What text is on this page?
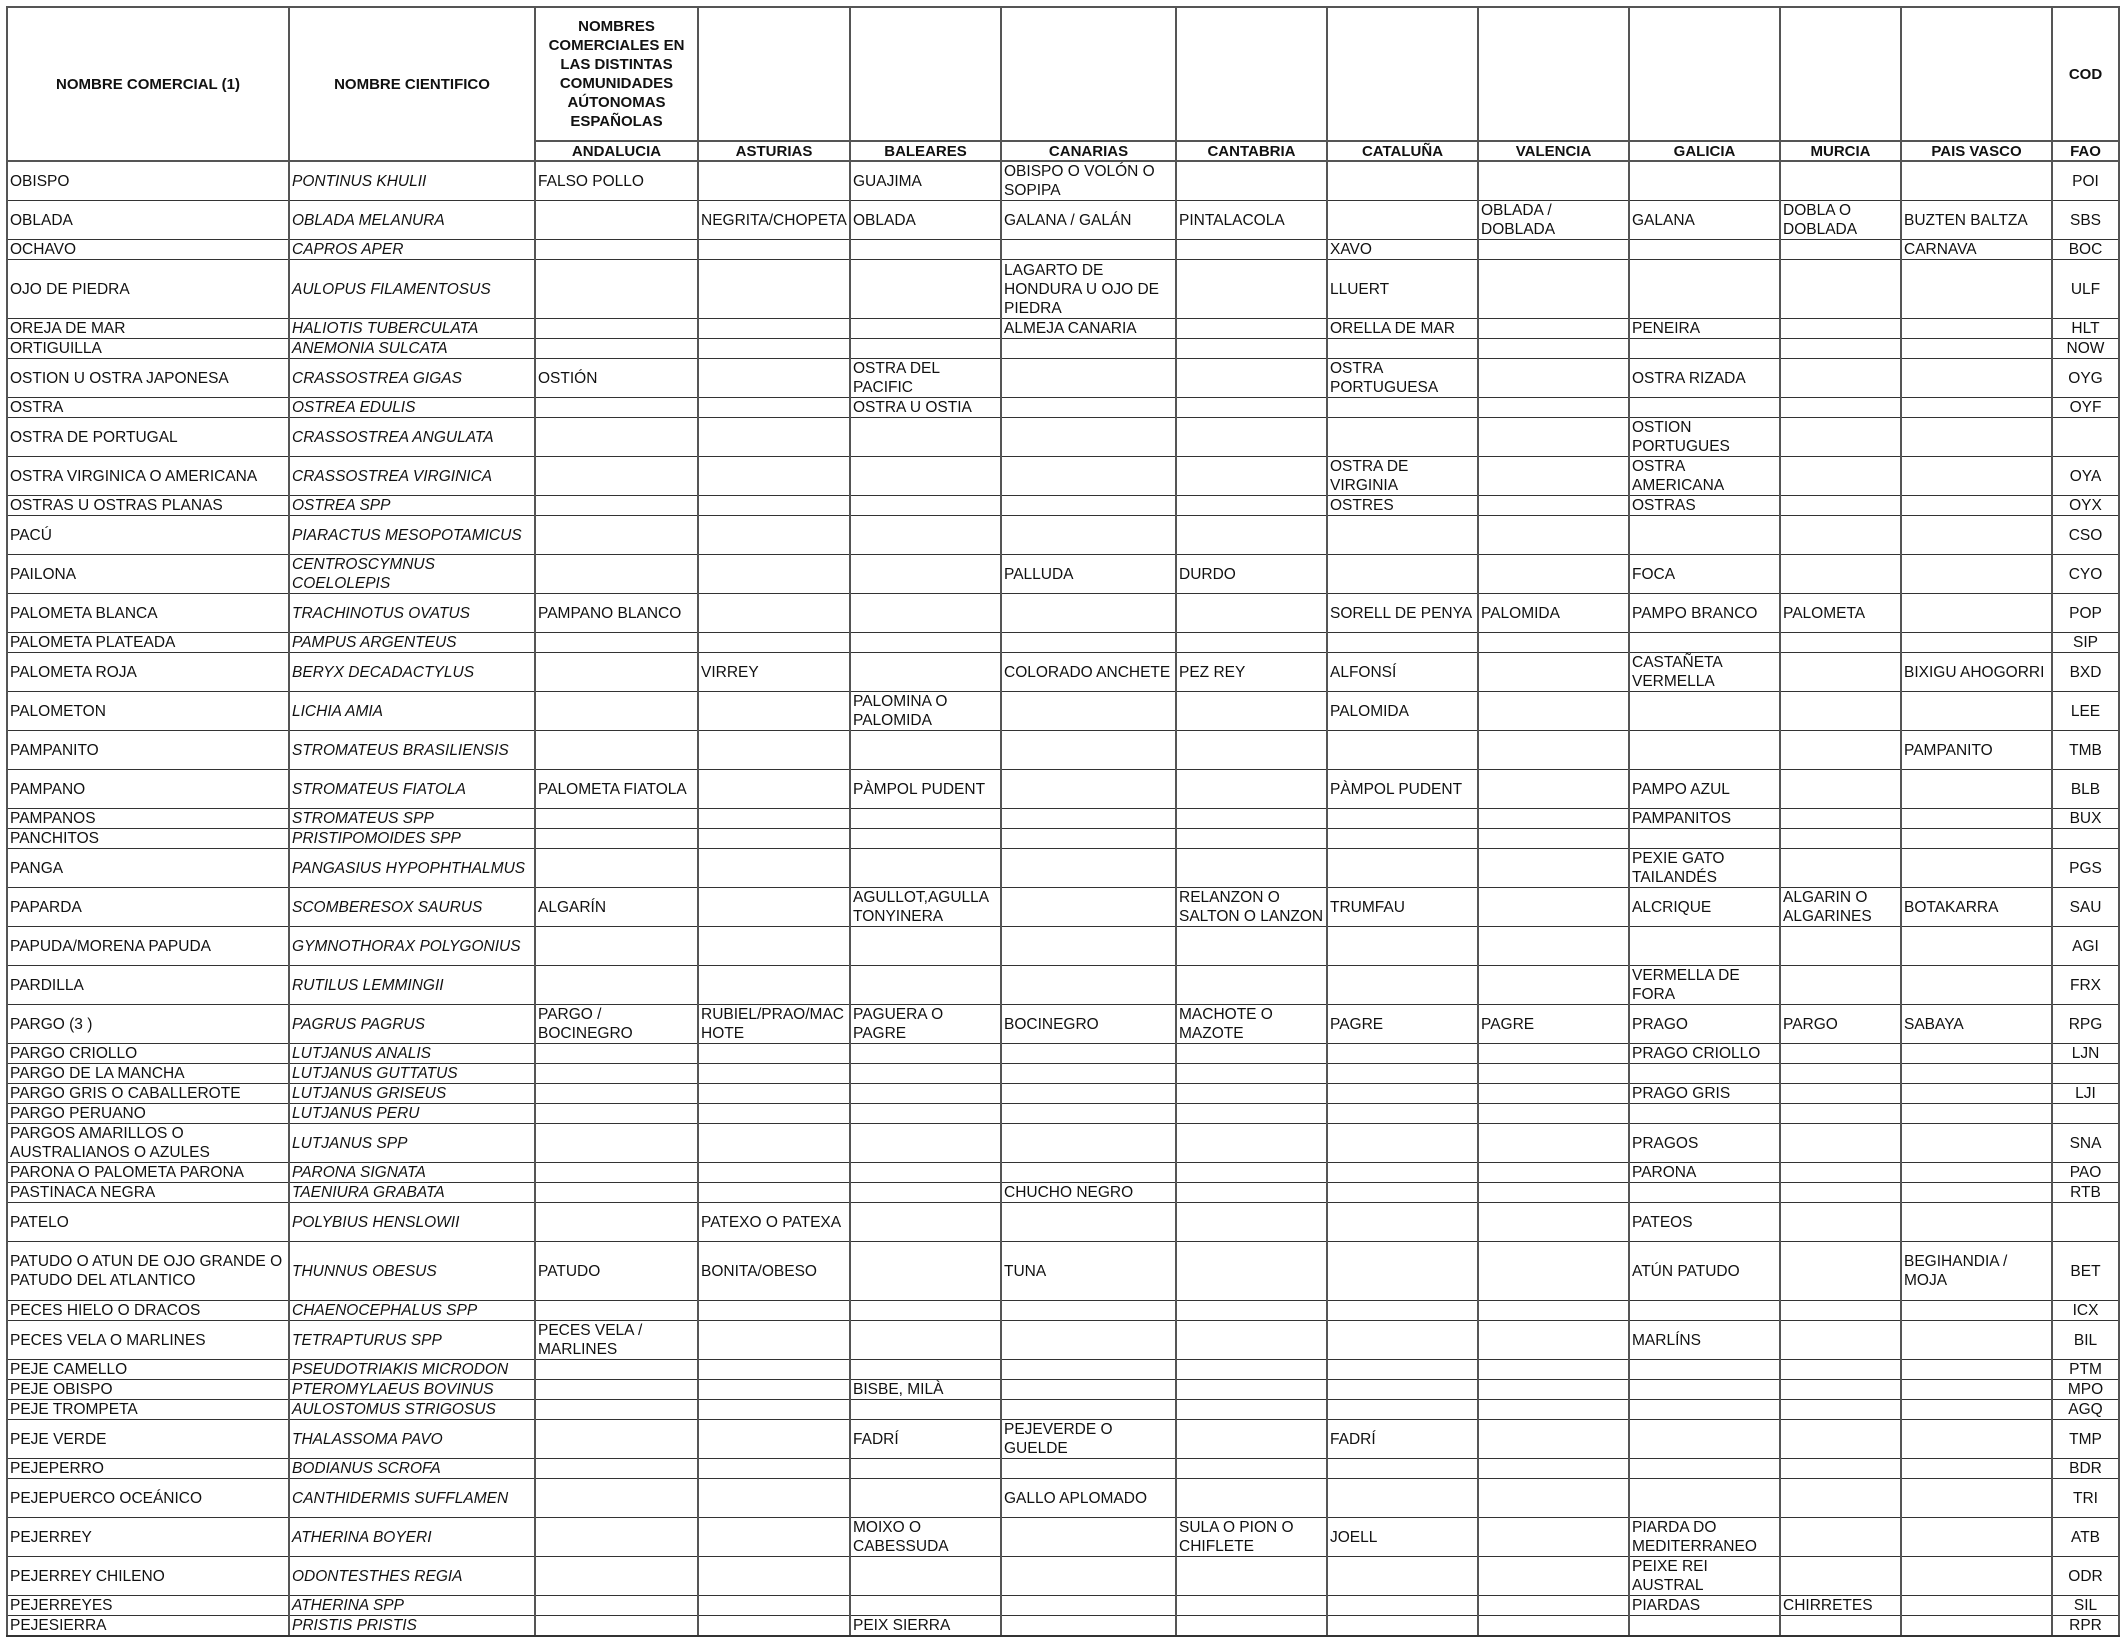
NOMBRE COMERCIAL (1)	NOMBRE CIENTIFICO	NOMBRES COMERCIALES EN LAS DISTINTAS COMUNIDADES AÚTONOMAS ESPAÑOLAS										COD
		ANDALUCIA	ASTURIAS	BALEARES	CANARIAS	CANTABRIA	CATALUÑA	VALENCIA	GALICIA	MURCIA	PAIS VASCO	FAO
OBISPO	PONTINUS KHULII	FALSO POLLO		GUAJIMA	OBISPO O VOLÓN O SOPIPA							POI
OBLADA	OBLADA MELANURA		NEGRITA/CHOPETA	OBLADA	GALANA / GALÁN	PINTALACOLA		OBLADA / DOBLADA	GALANA	DOBLA O DOBLADA	BUZTEN BALTZA	SBS
OCHAVO	CAPROS APER						XAVO				CARNAVA	BOC
OJO DE PIEDRA	AULOPUS FILAMENTOSUS				LAGARTO DE HONDURA U OJO DE PIEDRA		LLUERT					ULF
OREJA DE MAR	HALIOTIS TUBERCULATA				ALMEJA CANARIA		ORELLA DE MAR		PENEIRA			HLT
ORTIGUILLA	ANEMONIA SULCATA											NOW
OSTION U OSTRA JAPONESA	CRASSOSTREA GIGAS	OSTIÓN		OSTRA DEL PACIFIC			OSTRA PORTUGUESA		OSTRA RIZADA			OYG
OSTRA	OSTREA EDULIS			OSTRA U OSTIA								OYF
OSTRA DE PORTUGAL	CRASSOSTREA ANGULATA								OSTION PORTUGUES			
OSTRA VIRGINICA O AMERICANA	CRASSOSTREA VIRGINICA						OSTRA DE VIRGINIA		OSTRA AMERICANA			OYA
OSTRAS U OSTRAS PLANAS	OSTREA SPP						OSTRES		OSTRAS			OYX
PACÚ	PIARACTUS MESOPOTAMICUS											CSO
PAILONA	CENTROSCYMNUS COELOLEPIS				PALLUDA	DURDO			FOCA			CYO
PALOMETA BLANCA	TRACHINOTUS OVATUS	PAMPANO BLANCO					SORELL DE PENYA	PALOMIDA	PAMPO BRANCO	PALOMETA		POP
PALOMETA PLATEADA	PAMPUS ARGENTEUS											SIP
PALOMETA ROJA	BERYX DECADACTYLUS		VIRREY		COLORADO ANCHETE	PEZ REY	ALFONSÍ		CASTAÑETA VERMELLA		BIXIGU AHOGORRI	BXD
PALOMETON	LICHIA AMIA			PALOMINA O PALOMIDA			PALOMIDA					LEE
PAMPANITO	STROMATEUS BRASILIENSIS										PAMPANITO	TMB
PAMPANO	STROMATEUS FIATOLA	PALOMETA FIATOLA		PÀMPOL PUDENT			PÀMPOL PUDENT		PAMPO AZUL			BLB
PAMPANOS	STROMATEUS SPP								PAMPANITOS			BUX
PANCHITOS	PRISTIPOMOIDES SPP											
PANGA	PANGASIUS HYPOPHTHALMUS								PEXIE GATO TAILANDÉS			PGS
PAPARDA	SCOMBERESOX SAURUS	ALGARÍN		AGULLOT,AGULLA TONYINERA		RELANZON O SALTON O LANZON	TRUMFAU		ALCRIQUE	ALGARIN O ALGARINES	BOTAKARRA	SAU
PAPUDA/MORENA PAPUDA	GYMNOTHORAX POLYGONIUS											AGI
PARDILLA	RUTILUS LEMMINGII								VERMELLA DE FORA			FRX
PARGO (3 )	PAGRUS PAGRUS	PARGO / BOCINEGRO	RUBIEL/PRAO/MACHOTE	PAGUERA O PAGRE	BOCINEGRO	MACHOTE O MAZOTE	PAGRE	PAGRE	PRAGO	PARGO	SABAYA	RPG
PARGO CRIOLLO	LUTJANUS ANALIS								PRAGO CRIOLLO			LJN
PARGO DE LA MANCHA	LUTJANUS GUTTATUS											
PARGO GRIS O CABALLEROTE	LUTJANUS GRISEUS								PRAGO GRIS			LJI
PARGO PERUANO	LUTJANUS PERU											
PARGOS AMARILLOS O AUSTRALIANOS O AZULES	LUTJANUS SPP								PRAGOS			SNA
PARONA O PALOMETA PARONA	PARONA SIGNATA								PARONA			PAO
PASTINACA NEGRA	TAENIURA GRABATA				CHUCHO NEGRO							RTB
PATELO	POLYBIUS HENSLOWII		PATEXO O PATEXA						PATEOS			
PATUDO O ATUN DE OJO GRANDE O PATUDO DEL ATLANTICO	THUNNUS OBESUS	PATUDO	BONITA/OBESO		TUNA				ATÚN PATUDO		BEGIHANDIA / MOJA	BET
PECES HIELO O DRACOS	CHAENOCEPHALUS SPP											ICX
PECES VELA O MARLINES	TETRAPTURUS SPP	PECES VELA / MARLINES							MARLÍNS			BIL
PEJE CAMELLO	PSEUDOTRIAKIS MICRODON											PTM
PEJE OBISPO	PTEROMYLAEUS BOVINUS			BISBE, MILÀ								MPO
PEJE TROMPETA	AULOSTOMUS STRIGOSUS											AGQ
PEJE VERDE	THALASSOMA PAVO			FADRÍ	PEJEVERDE O GUELDE		FADRÍ					TMP
PEJEPERRO	BODIANUS SCROFA											BDR
PEJEPUERCO OCEÁNICO	CANTHIDERMIS SUFFLAMEN				GALLO APLOMADO							TRI
PEJERREY	ATHERINA BOYERI			MOIXO O CABESSUDA		SULA O PION O CHIFLETE	JOELL		PIARDA DO MEDITERRANEO			ATB
PEJERREY CHILENO	ODONTESTHES REGIA								PEIXE REI AUSTRAL			ODR
PEJERREYES	ATHERINA SPP								PIARDAS	CHIRRETES		SIL
PEJESIERRA	PRISTIS PRISTIS			PEIX SIERRA								RPR
